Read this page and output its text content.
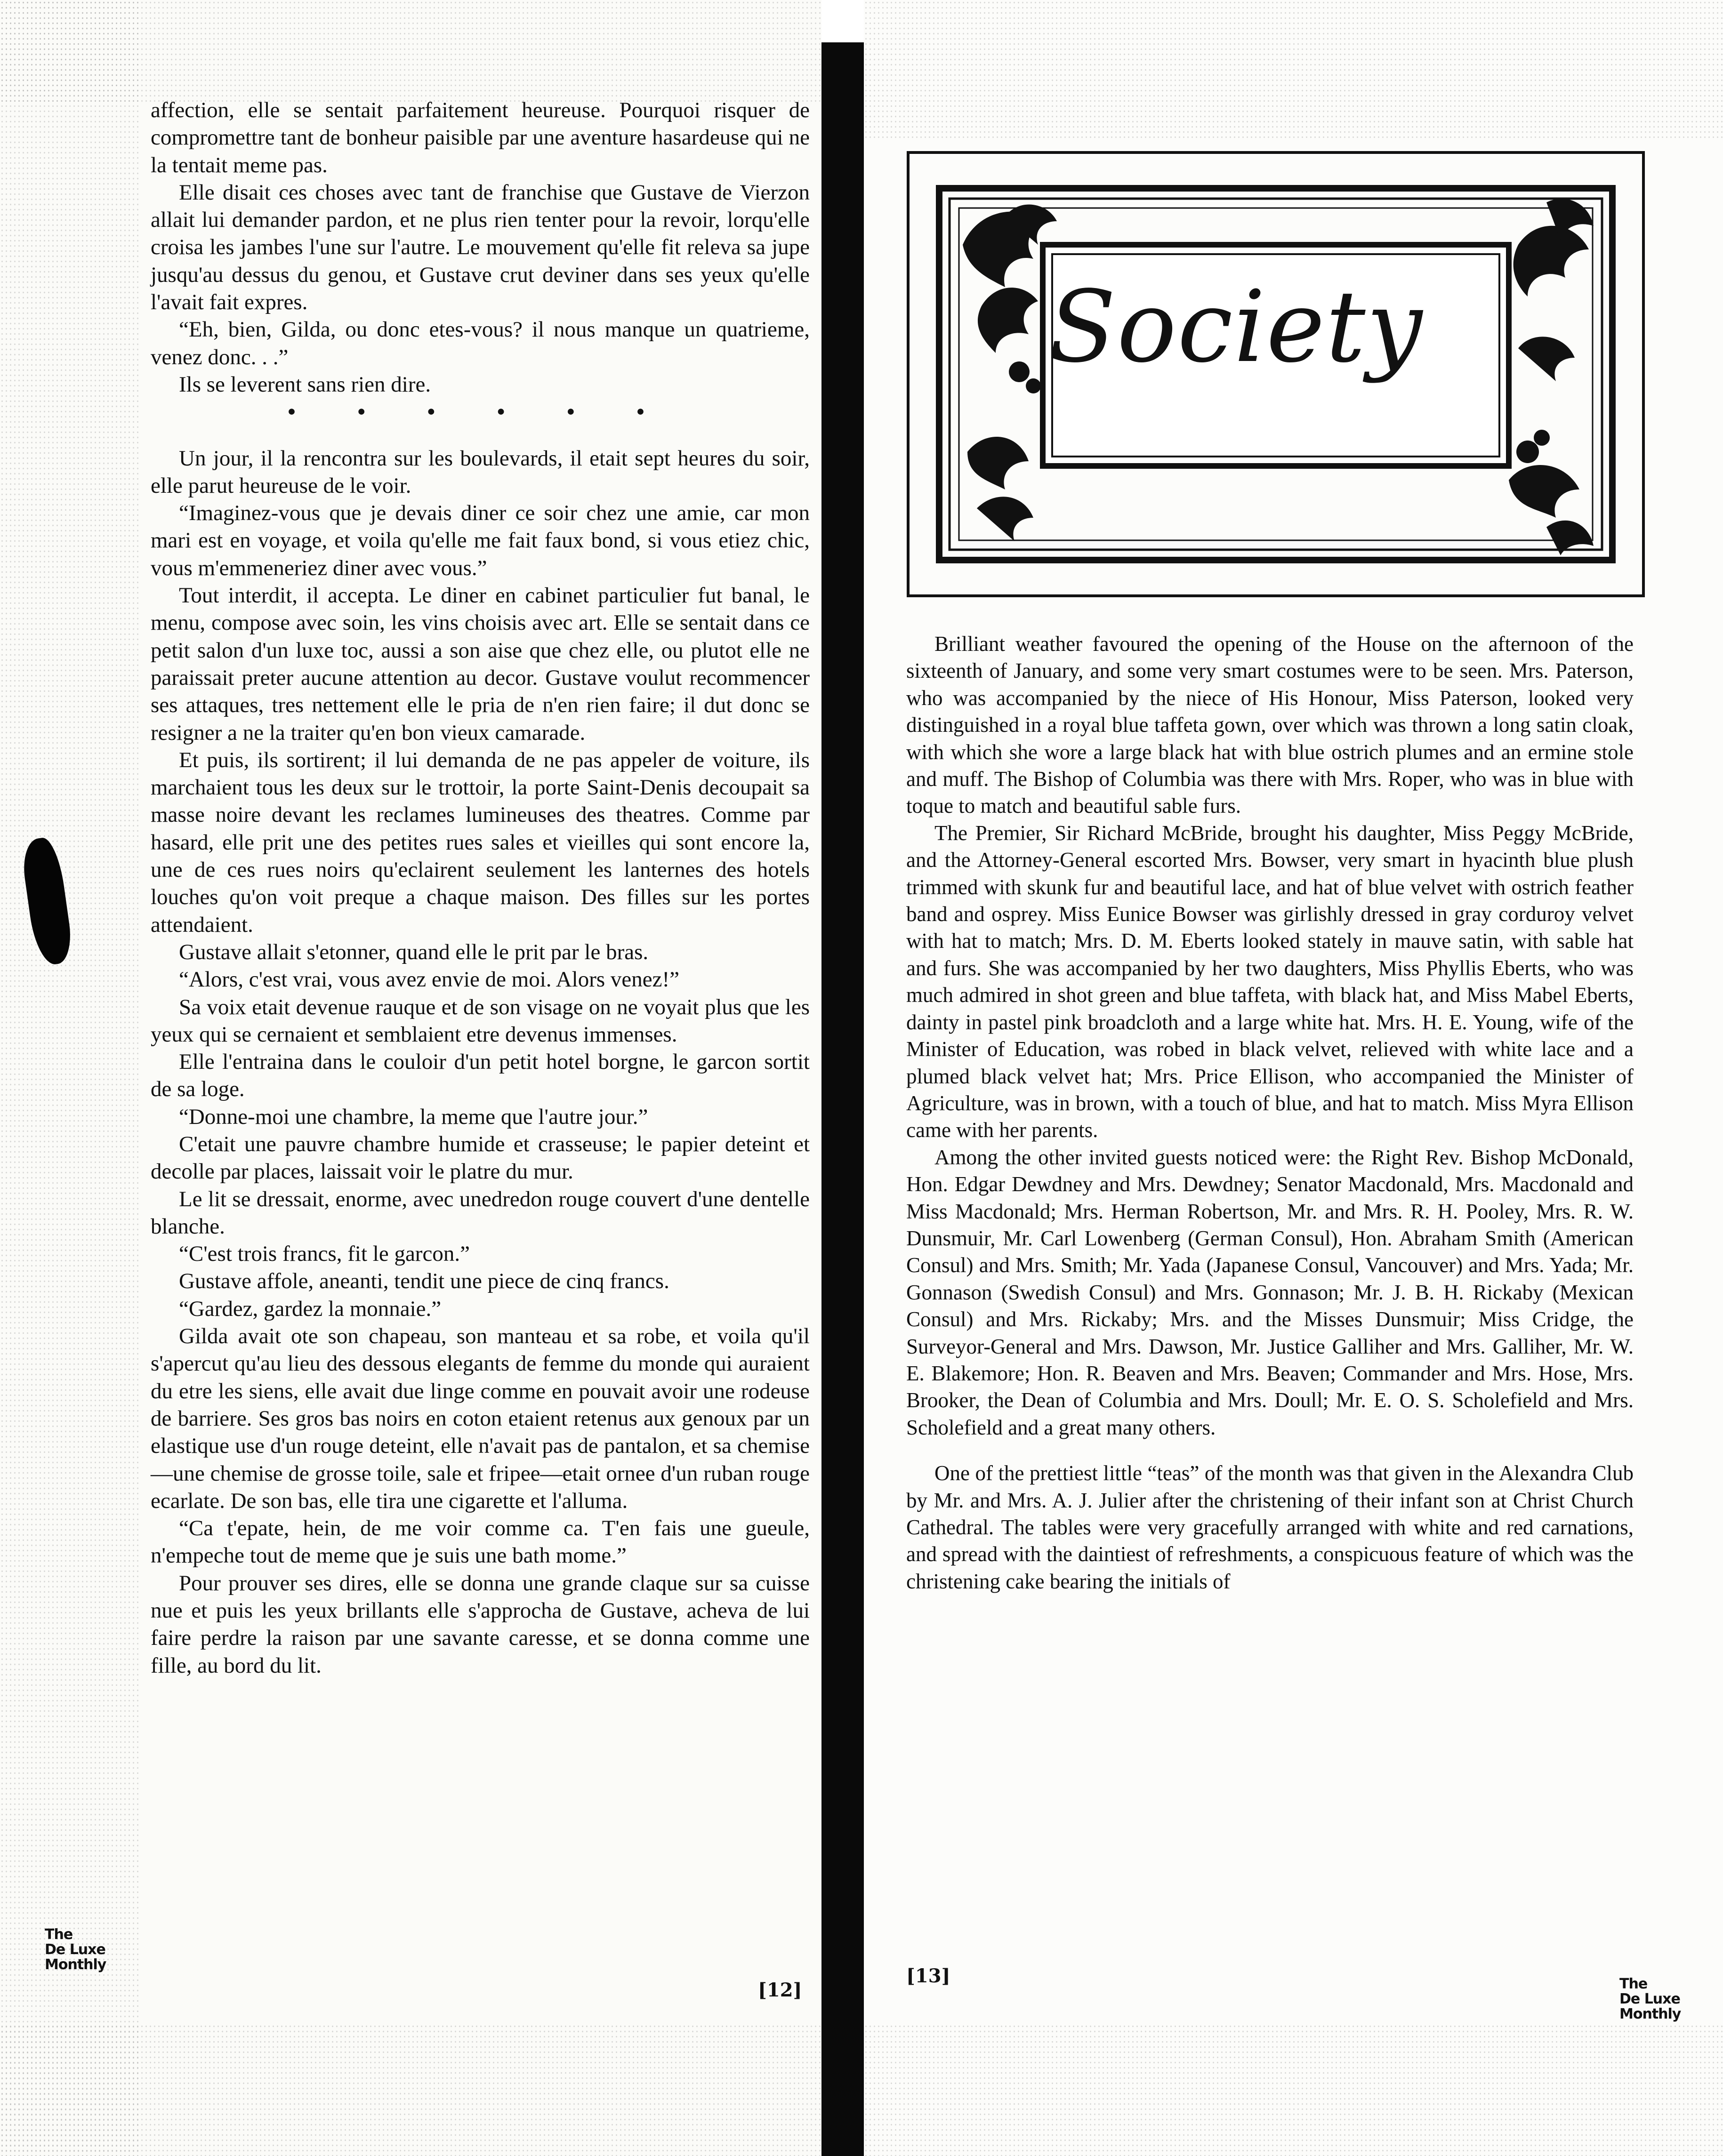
affection, elle se sentait parfaitement heureuse. Pourquoi risquer de compromettre tant de bonheur paisible par une aventure hasardeuse qui ne la tentait meme pas.

Elle disait ces choses avec tant de franchise que Gustave de Vierzon allait lui demander pardon, et ne plus rien tenter pour la revoir, lorqu'elle croisa les jambes l'une sur l'autre. Le mouvement qu'elle fit releva sa jupe jusqu'au dessus du genou, et Gustave crut deviner dans ses yeux qu'elle l'avait fait expres.

“Eh, bien, Gilda, ou donc etes-vous? il nous manque un quatrieme, venez donc. . .”

Ils se leverent sans rien dire.

• • • • • •

Un jour, il la rencontra sur les boulevards, il etait sept heures du soir, elle parut heureuse de le voir.

“Imaginez-vous que je devais diner ce soir chez une amie, car mon mari est en voyage, et voila qu'elle me fait faux bond, si vous etiez chic, vous m'emmeneriez diner avec vous.”

Tout interdit, il accepta. Le diner en cabinet particulier fut banal, le menu, compose avec soin, les vins choisis avec art. Elle se sentait dans ce petit salon d'un luxe toc, aussi a son aise que chez elle, ou plutot elle ne paraissait preter aucune attention au decor. Gustave voulut recommencer ses attaques, tres nettement elle le pria de n'en rien faire; il dut donc se resigner a ne la traiter qu'en bon vieux camarade.

Et puis, ils sortirent; il lui demanda de ne pas appeler de voiture, ils marchaient tous les deux sur le trottoir, la porte Saint-Denis decoupait sa masse noire devant les reclames lumineuses des theatres. Comme par hasard, elle prit une des petites rues sales et vieilles qui sont encore la, une de ces rues noirs qu'eclairent seulement les lanternes des hotels louches qu'on voit preque a chaque maison. Des filles sur les portes attendaient.

Gustave allait s'etonner, quand elle le prit par le bras.

“Alors, c'est vrai, vous avez envie de moi. Alors venez!”

Sa voix etait devenue rauque et de son visage on ne voyait plus que les yeux qui se cernaient et semblaient etre devenus immenses.

Elle l'entraina dans le couloir d'un petit hotel borgne, le garcon sortit de sa loge.

“Donne-moi une chambre, la meme que l'autre jour.”

C'etait une pauvre chambre humide et crasseuse; le papier deteint et decolle par places, laissait voir le platre du mur.

Le lit se dressait, enorme, avec unedredon rouge couvert d'une dentelle blanche.

“C'est trois francs, fit le garcon.”

Gustave affole, aneanti, tendit une piece de cinq francs.

“Gardez, gardez la monnaie.”

Gilda avait ote son chapeau, son manteau et sa robe, et voila qu'il s'apercut qu'au lieu des dessous elegants de femme du monde qui auraient du etre les siens, elle avait due linge comme en pouvait avoir une rodeuse de barriere. Ses gros bas noirs en coton etaient retenus aux genoux par un elastique use d'un rouge deteint, elle n'avait pas de pantalon, et sa chemise—une chemise de grosse toile, sale et fripee—etait ornee d'un ruban rouge ecarlate. De son bas, elle tira une cigarette et l'alluma.

“Ca t'epate, hein, de me voir comme ca. T'en fais une gueule, n'empeche tout de meme que je suis une bath mome.”

Pour prouver ses dires, elle se donna une grande claque sur sa cuisse nue et puis les yeux brillants elle s'approcha de Gustave, acheva de lui faire perdre la raison par une savante caresse, et se donna comme une fille, au bord du lit.

The
De Luxe
Monthly
[12]
Society

Brilliant weather favoured the opening of the House on the afternoon of the sixteenth of January, and some very smart costumes were to be seen. Mrs. Paterson, who was accompanied by the niece of His Honour, Miss Paterson, looked very distinguished in a royal blue taffeta gown, over which was thrown a long satin cloak, with which she wore a large black hat with blue ostrich plumes and an ermine stole and muff. The Bishop of Columbia was there with Mrs. Roper, who was in blue with toque to match and beautiful sable furs.

The Premier, Sir Richard McBride, brought his daughter, Miss Peggy McBride, and the Attorney-General escorted Mrs. Bowser, very smart in hyacinth blue plush trimmed with skunk fur and beautiful lace, and hat of blue velvet with ostrich feather band and osprey. Miss Eunice Bowser was girlishly dressed in gray corduroy velvet with hat to match; Mrs. D. M. Eberts looked stately in mauve satin, with sable hat and furs. She was accompanied by her two daughters, Miss Phyllis Eberts, who was much admired in shot green and blue taffeta, with black hat, and Miss Mabel Eberts, dainty in pastel pink broadcloth and a large white hat. Mrs. H. E. Young, wife of the Minister of Education, was robed in black velvet, relieved with white lace and a plumed black velvet hat; Mrs. Price Ellison, who accompanied the Minister of Agriculture, was in brown, with a touch of blue, and hat to match. Miss Myra Ellison came with her parents.

Among the other invited guests noticed were: the Right Rev. Bishop McDonald, Hon. Edgar Dewdney and Mrs. Dewdney; Senator Macdonald, Mrs. Macdonald and Miss Macdonald; Mrs. Herman Robertson, Mr. and Mrs. R. H. Pooley, Mrs. R. W. Dunsmuir, Mr. Carl Lowenberg (German Consul), Hon. Abraham Smith (American Consul) and Mrs. Smith; Mr. Yada (Japanese Consul, Vancouver) and Mrs. Yada; Mr. Gonnason (Swedish Consul) and Mrs. Gonnason; Mr. J. B. H. Rickaby (Mexican Consul) and Mrs. Rickaby; Mrs. and the Misses Dunsmuir; Miss Cridge, the Surveyor-General and Mrs. Dawson, Mr. Justice Galliher and Mrs. Galliher, Mr. W. E. Blakemore; Hon. R. Beaven and Mrs. Beaven; Commander and Mrs. Hose, Mrs. Brooker, the Dean of Columbia and Mrs. Doull; Mr. E. O. S. Scholefield and Mrs. Scholefield and a great many others.

One of the prettiest little “teas” of the month was that given in the Alexandra Club by Mr. and Mrs. A. J. Julier after the christening of their infant son at Christ Church Cathedral. The tables were very gracefully arranged with white and red carnations, and spread with the daintiest of refreshments, a conspicuous feature of which was the christening cake bearing the initials of

[13]	The
De Luxe
Monthly
